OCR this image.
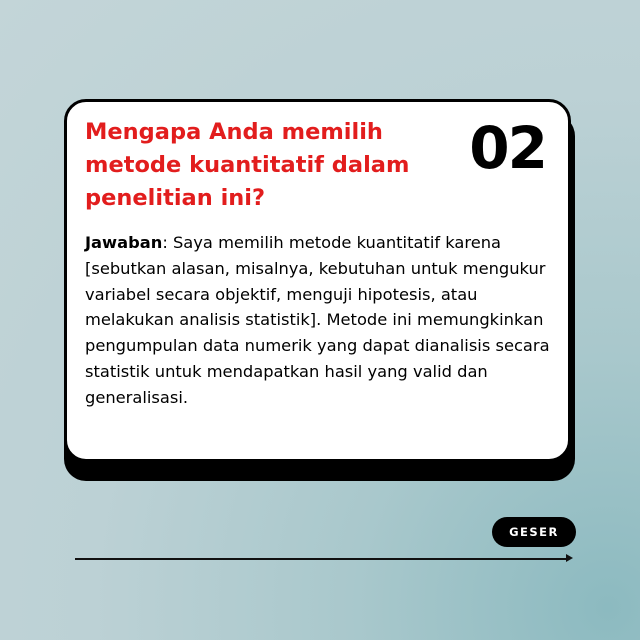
Mengapa Anda memilih metode kuantitatif dalam penelitian ini?
02

Jawaban: Saya memilih metode kuantitatif karena [sebutkan alasan, misalnya, kebutuhan untuk mengukur variabel secara objektif, menguji hipotesis, atau melakukan analisis statistik]. Metode ini memungkinkan pengumpulan data numerik yang dapat dianalisis secara statistik untuk mendapatkan hasil yang valid dan generalisasi.

GESER
